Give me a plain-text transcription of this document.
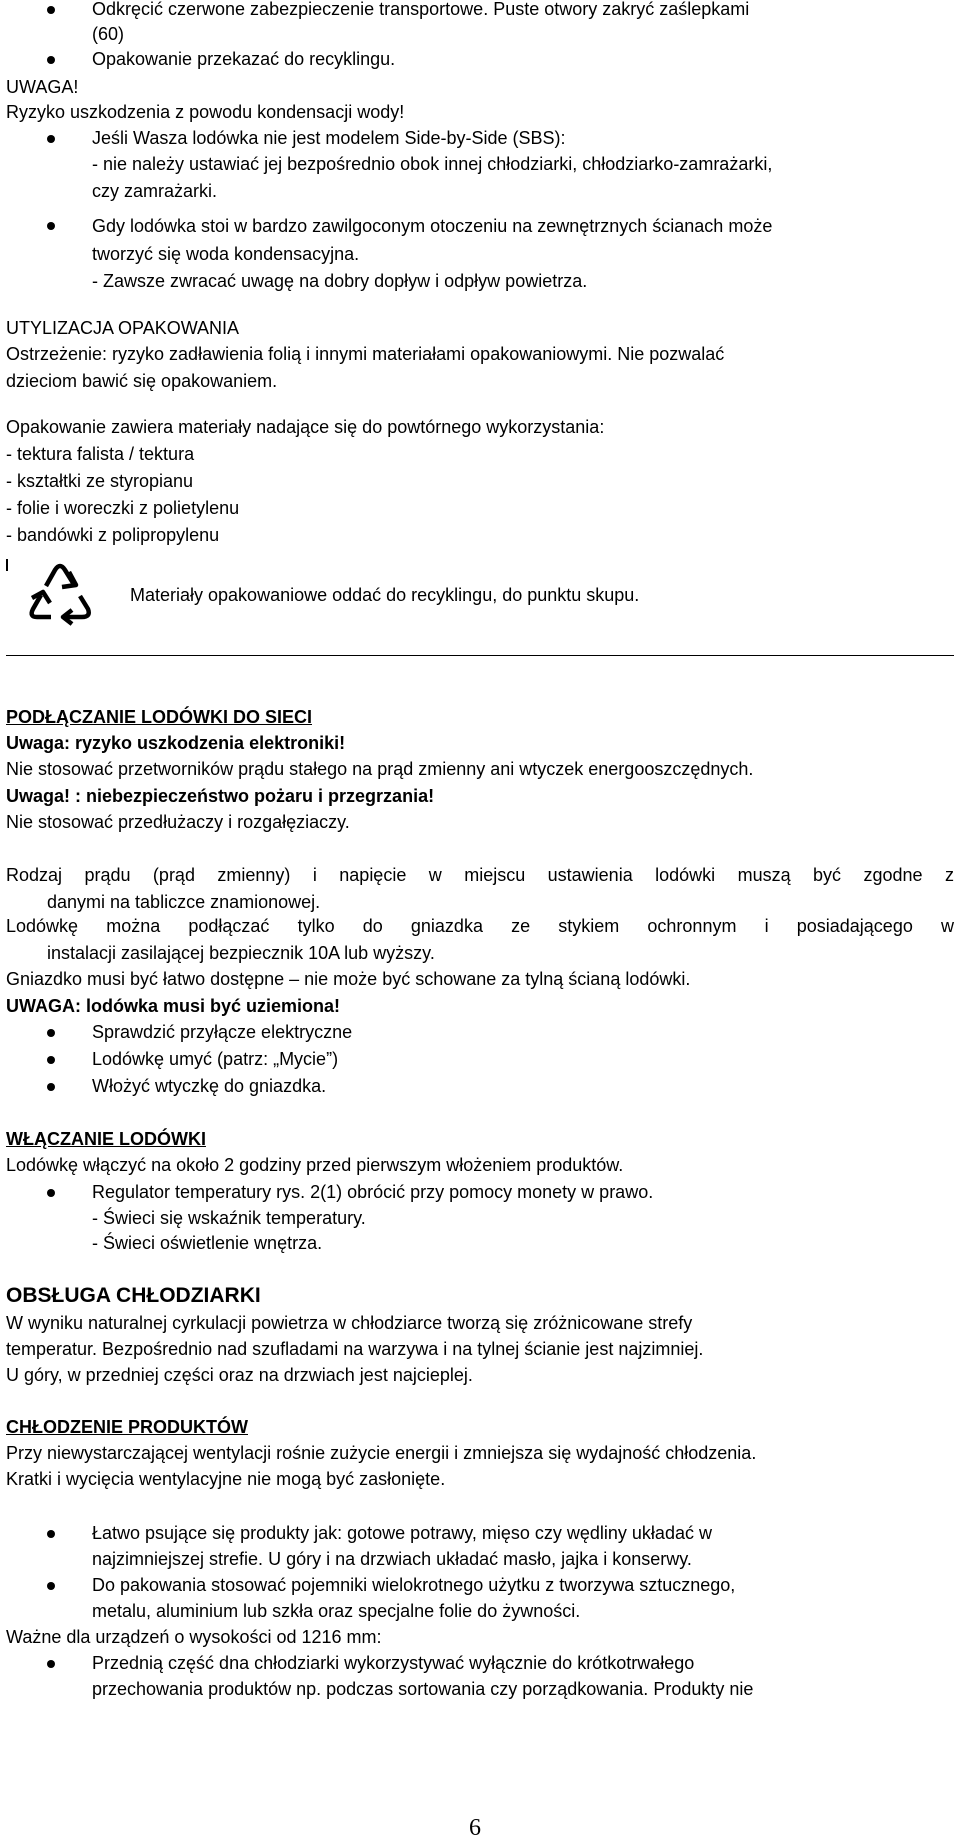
Odkręcić czerwone zabezpieczenie transportowe. Puste otwory zakryć zaślepkami
(60)
Opakowanie przekazać do recyklingu.
UWAGA!
Ryzyko uszkodzenia z powodu kondensacji wody!
Jeśli Wasza lodówka nie jest modelem Side-by-Side (SBS):
- nie należy ustawiać jej bezpośrednio obok innej chłodziarki, chłodziarko-zamrażarki,
czy zamrażarki.
Gdy lodówka stoi w bardzo zawilgoconym otoczeniu na zewnętrznych ścianach może
tworzyć się woda kondensacyjna.
- Zawsze zwracać uwagę na dobry dopływ i odpływ powietrza.
UTYLIZACJA OPAKOWANIA
Ostrzeżenie: ryzyko zadławienia folią i innymi materiałami opakowaniowymi. Nie pozwalać
dzieciom bawić się opakowaniem.
Opakowanie zawiera materiały nadające się do powtórnego wykorzystania:
- tektura falista / tektura
- kształtki ze styropianu
- folie i woreczki z polietylenu
- bandówki z polipropylenu
Materiały opakowaniowe oddać do recyklingu, do punktu skupu.
PODŁĄCZANIE LODÓWKI DO SIECI
Uwaga: ryzyko uszkodzenia elektroniki!
Nie stosować przetworników prądu stałego na prąd zmienny ani wtyczek energooszczędnych.
Uwaga! : niebezpieczeństwo pożaru i przegrzania!
Nie stosować przedłużaczy i rozgałęziaczy.
Rodzaj prądu (prąd zmienny) i napięcie w miejscu ustawienia lodówki muszą być zgodne z
danymi na tabliczce znamionowej.
Lodówkę można podłączać tylko do gniazdka ze stykiem ochronnym i posiadającego w
instalacji zasilającej bezpiecznik 10A lub wyższy.
Gniazdko musi być łatwo dostępne – nie może być schowane za tylną ścianą lodówki.
UWAGA: lodówka musi być uziemiona!
Sprawdzić przyłącze elektryczne
Lodówkę umyć (patrz: „Mycie”)
Włożyć wtyczkę do gniazdka.
WŁĄCZANIE LODÓWKI
Lodówkę włączyć na około 2 godziny przed pierwszym włożeniem produktów.
Regulator temperatury rys. 2(1) obrócić przy pomocy monety w prawo.
- Świeci się wskaźnik temperatury.
- Świeci oświetlenie wnętrza.
OBSŁUGA CHŁODZIARKI
W wyniku naturalnej cyrkulacji powietrza w chłodziarce tworzą się zróżnicowane strefy
temperatur. Bezpośrednio nad szufladami na warzywa i na tylnej ścianie jest najzimniej.
U góry, w przedniej części oraz na drzwiach jest najcieplej.
CHŁODZENIE PRODUKTÓW
Przy niewystarczającej wentylacji rośnie zużycie energii i zmniejsza się wydajność chłodzenia.
Kratki i wycięcia wentylacyjne nie mogą być zasłonięte.
Łatwo psujące się produkty jak: gotowe potrawy, mięso czy wędliny układać w
najzimniejszej strefie. U góry i na drzwiach układać masło, jajka i konserwy.
Do pakowania stosować pojemniki wielokrotnego użytku z tworzywa sztucznego,
metalu, aluminium lub szkła oraz specjalne folie do żywności.
Ważne dla urządzeń o wysokości od 1216 mm:
Przednią część dna chłodziarki wykorzystywać wyłącznie do krótkotrwałego
przechowania produktów np. podczas sortowania czy porządkowania. Produkty nie
6
